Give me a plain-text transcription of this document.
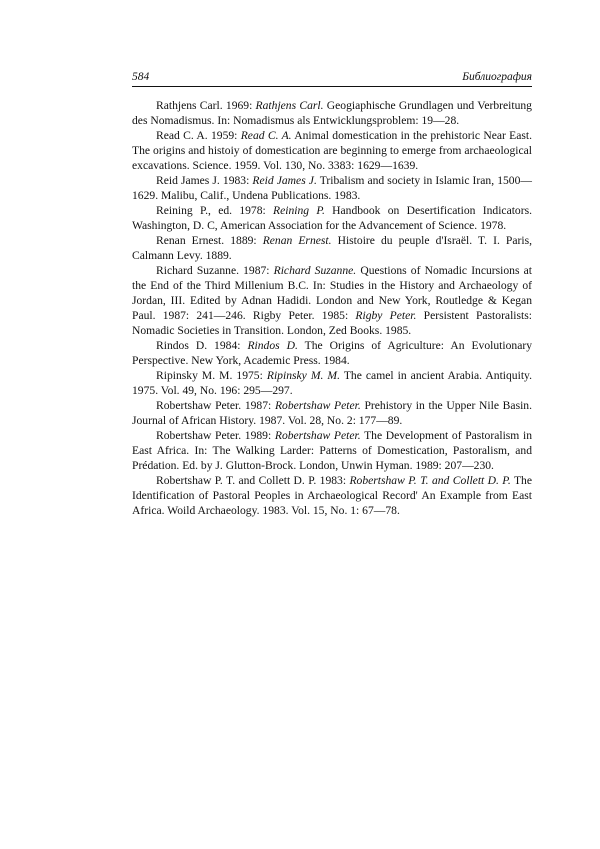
584	Библиография

Rathjens Carl. 1969: Rathjens Carl. Geogiaphische Grundlagen und Verbreitung des Nomadismus. In: Nomadismus als Entwicklungsproblem: 19—28.

Read C. A. 1959: Read C. A. Animal domestication in the prehistoric Near East. The origins and histoiy of domestication are beginning to emerge from archaeological excavations. Science. 1959. Vol. 130, No. 3383: 1629—1639.

Reid James J. 1983: Reid James J. Tribalism and society in Islamic Iran, 1500—1629. Malibu, Calif., Undena Publications. 1983.

Reining P., ed. 1978: Reining P. Handbook on Desertification Indicators. Washington, D. C, American Association for the Advancement of Science. 1978.

Renan Ernest. 1889: Renan Ernest. Histoire du peuple d'Israël. T. I. Paris, Calmann Levy. 1889.

Richard Suzanne. 1987: Richard Suzanne. Questions of Nomadic Incursions at the End of the Third Millenium B.C. In: Studies in the History and Archaeology of Jordan, III. Edited by Adnan Hadidi. London and New York, Routledge & Kegan Paul. 1987: 241—246. Rigby Peter. 1985: Rigby Peter. Persistent Pastoralists: Nomadic Societies in Transition. London, Zed Books. 1985.

Rindos D. 1984: Rindos D. The Origins of Agriculture: An Evolutionary Perspective. New York, Academic Press. 1984.

Ripinsky M. M. 1975: Ripinsky M. M. The camel in ancient Arabia. Antiquity. 1975. Vol. 49, No. 196: 295—297.

Robertshaw Peter. 1987: Robertshaw Peter. Prehistory in the Upper Nile Basin. Journal of African History. 1987. Vol. 28, No. 2: 177—89.

Robertshaw Peter. 1989: Robertshaw Peter. The Development of Pastoralism in East Africa. In: The Walking Larder: Patterns of Domestication, Pastoralism, and Prédation. Ed. by J. Glutton-Brock. London, Unwin Hyman. 1989: 207—230.

Robertshaw P. T. and Collett D. P. 1983: Robertshaw P. T. and Collett D. P. The Identification of Pastoral Peoples in Archaeological Record' An Example from East Africa. Woild Archaeology. 1983. Vol. 15, No. 1: 67—78.
